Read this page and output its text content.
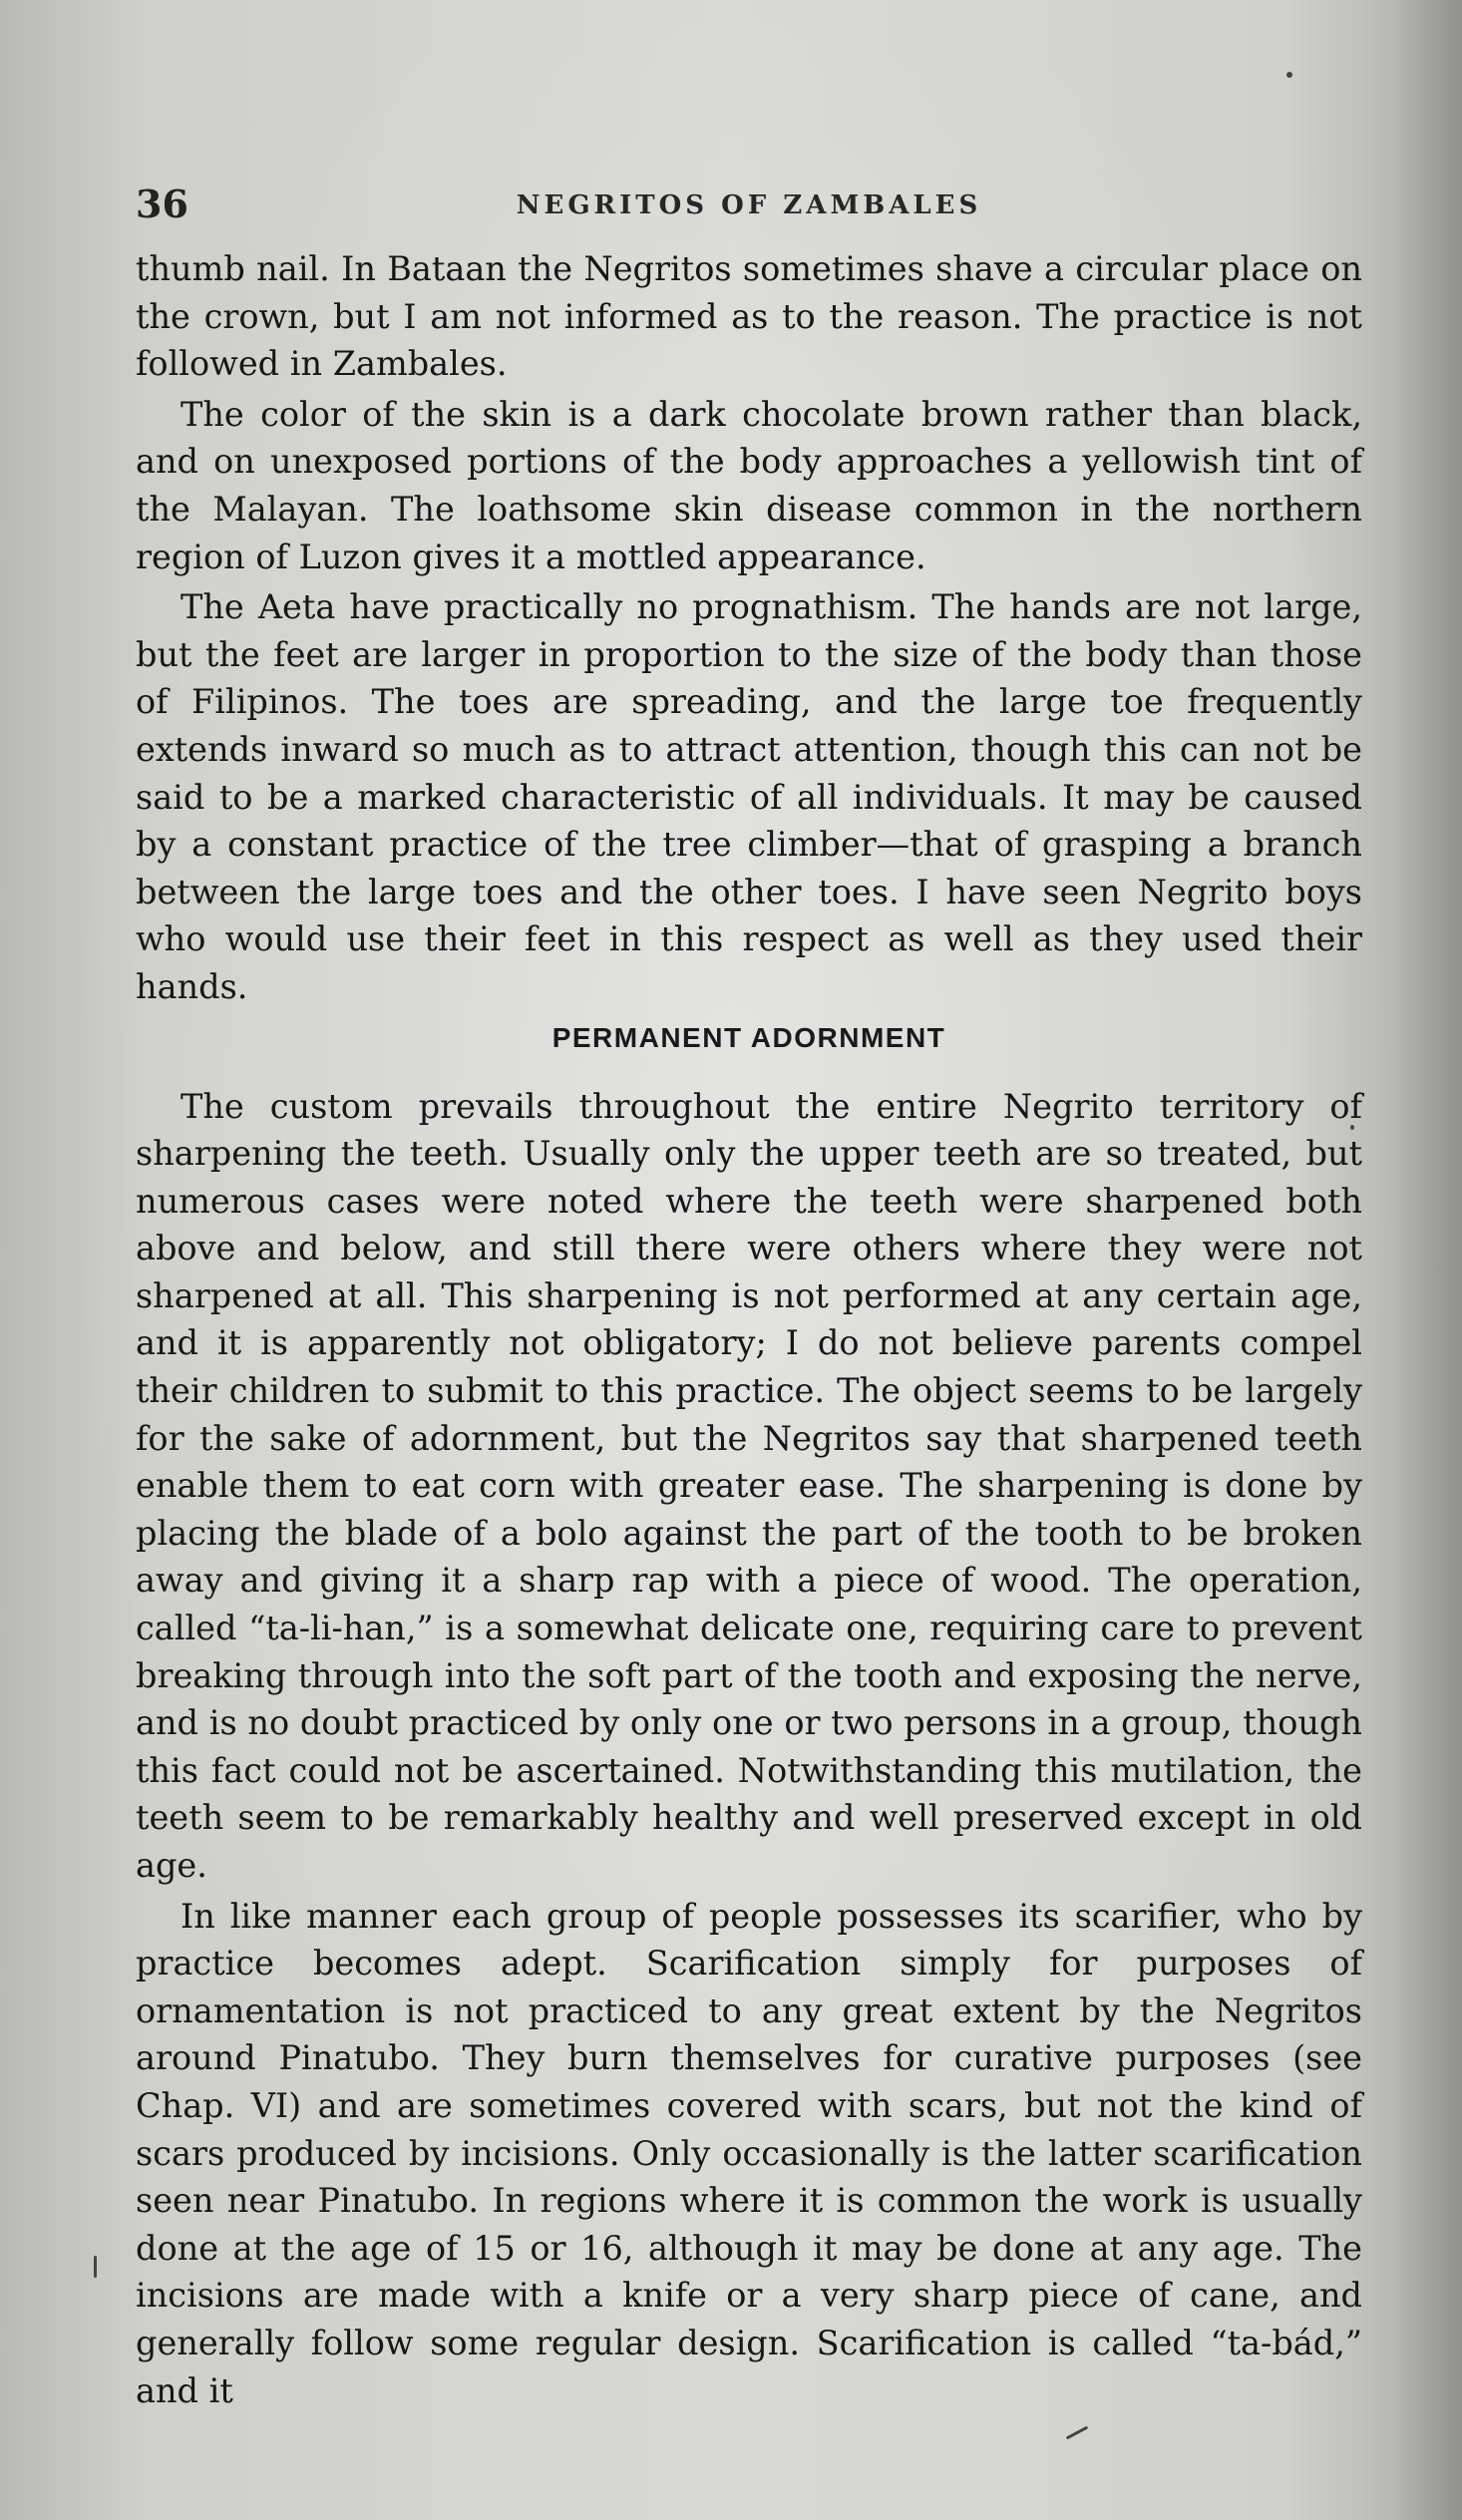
36	NEGRITOS OF ZAMBALES

thumb nail. In Bataan the Negritos sometimes shave a circular place on the crown, but I am not informed as to the reason. The practice is not followed in Zambales.

The color of the skin is a dark chocolate brown rather than black, and on unexposed portions of the body approaches a yellowish tint of the Malayan. The loathsome skin disease common in the northern region of Luzon gives it a mottled appearance.

The Aeta have practically no prognathism. The hands are not large, but the feet are larger in proportion to the size of the body than those of Filipinos. The toes are spreading, and the large toe frequently extends inward so much as to attract attention, though this can not be said to be a marked characteristic of all individuals. It may be caused by a constant practice of the tree climber—that of grasping a branch between the large toes and the other toes. I have seen Negrito boys who would use their feet in this respect as well as they used their hands.

PERMANENT ADORNMENT

The custom prevails throughout the entire Negrito territory of sharpening the teeth. Usually only the upper teeth are so treated, but numerous cases were noted where the teeth were sharpened both above and below, and still there were others where they were not sharpened at all. This sharpening is not performed at any certain age, and it is apparently not obligatory; I do not believe parents compel their children to submit to this practice. The object seems to be largely for the sake of adornment, but the Negritos say that sharpened teeth enable them to eat corn with greater ease. The sharpening is done by placing the blade of a bolo against the part of the tooth to be broken away and giving it a sharp rap with a piece of wood. The operation, called “ta-li-han,” is a somewhat delicate one, requiring care to prevent breaking through into the soft part of the tooth and exposing the nerve, and is no doubt practiced by only one or two persons in a group, though this fact could not be ascertained. Notwithstanding this mutilation, the teeth seem to be remarkably healthy and well preserved except in old age.

In like manner each group of people possesses its scarifier, who by practice becomes adept. Scarification simply for purposes of ornamentation is not practiced to any great extent by the Negritos around Pinatubo. They burn themselves for curative purposes (see Chap. VI) and are sometimes covered with scars, but not the kind of scars produced by incisions. Only occasionally is the latter scarification seen near Pinatubo. In regions where it is common the work is usually done at the age of 15 or 16, although it may be done at any age. The incisions are made with a knife or a very sharp piece of cane, and generally follow some regular design. Scarification is called “ta-bád,” and it
